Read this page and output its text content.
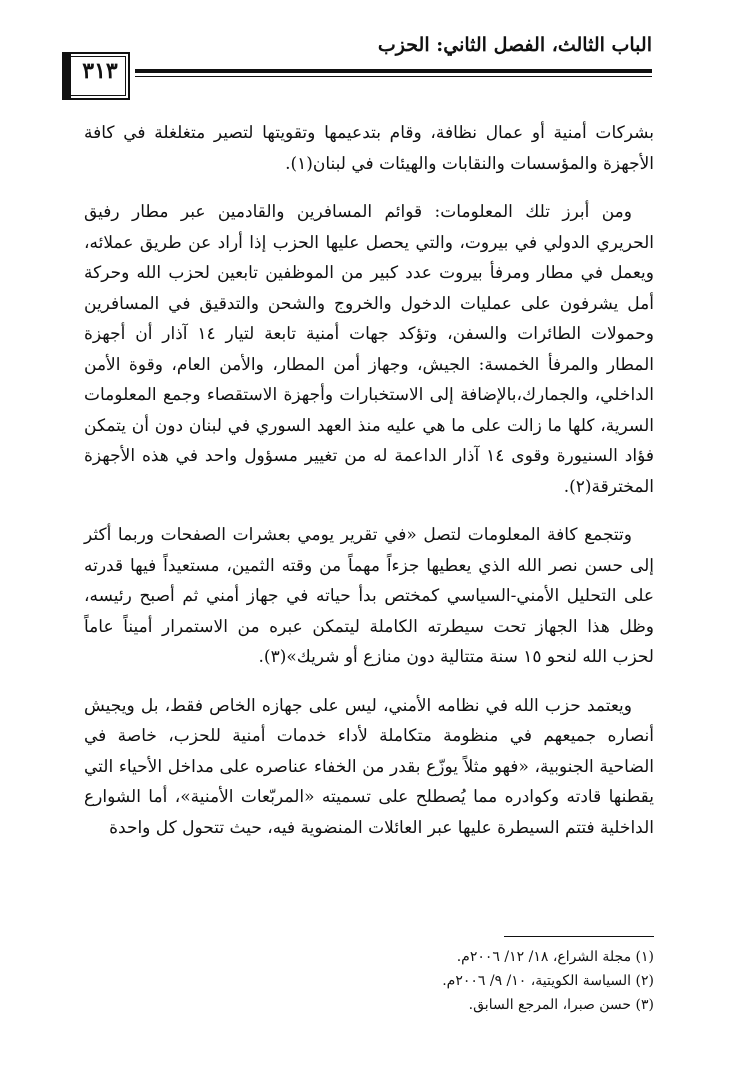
الباب الثالث، الفصل الثاني: الحزب
٣١٣

بشركات أمنية أو عمال نظافة، وقام بتدعيمها وتقويتها لتصير متغلغلة في كافة الأجهزة والمؤسسات والنقابات والهيئات في لبنان(١).

ومن أبرز تلك المعلومات: قوائم المسافرين والقادمين عبر مطار رفيق الحريري الدولي في بيروت، والتي يحصل عليها الحزب إذا أراد عن طريق عملائه، ويعمل في مطار ومرفأ بيروت عدد كبير من الموظفين تابعين لحزب الله وحركة أمل يشرفون على عمليات الدخول والخروج والشحن والتدقيق في المسافرين وحمولات الطائرات والسفن، وتؤكد جهات أمنية تابعة لتيار ١٤ آذار أن أجهزة المطار والمرفأ الخمسة: الجيش، وجهاز أمن المطار، والأمن العام، وقوة الأمن الداخلي، والجمارك،بالإضافة إلى الاستخبارات وأجهزة الاستقصاء وجمع المعلومات السرية، كلها ما زالت على ما هي عليه منذ العهد السوري في لبنان دون أن يتمكن فؤاد السنيورة وقوى ١٤ آذار الداعمة له من تغيير مسؤول واحد في هذه الأجهزة المخترقة(٢).

وتتجمع كافة المعلومات لتصل «في تقرير يومي بعشرات الصفحات وربما أكثر إلى حسن نصر الله الذي يعطيها جزءاً مهماً من وقته الثمين، مستعيداً فيها قدرته على التحليل الأمني-السياسي كمختص بدأ حياته في جهاز أمني ثم أصبح رئيسه، وظل هذا الجهاز تحت سيطرته الكاملة ليتمكن عبره من الاستمرار أميناً عاماً لحزب الله لنحو ١٥ سنة متتالية دون منازع أو شريك»(٣).

ويعتمد حزب الله في نظامه الأمني، ليس على جهازه الخاص فقط، بل ويجيش أنصاره جميعهم في منظومة متكاملة لأداء خدمات أمنية للحزب، خاصة في الضاحية الجنوبية، «فهو مثلاً يوزّع بقدر من الخفاء عناصره على مداخل الأحياء التي يقطنها قادته وكوادره مما يُصطلح على تسميته «المربّعات الأمنية»، أما الشوارع الداخلية فتتم السيطرة عليها عبر العائلات المنضوية فيه، حيث تتحول كل واحدة

(١) مجلة الشراع، ١٨/ ١٢/ ٢٠٠٦م.
(٢) السياسة الكويتية، ١٠/ ٩/ ٢٠٠٦م.
(٣) حسن صبرا، المرجع السابق.
